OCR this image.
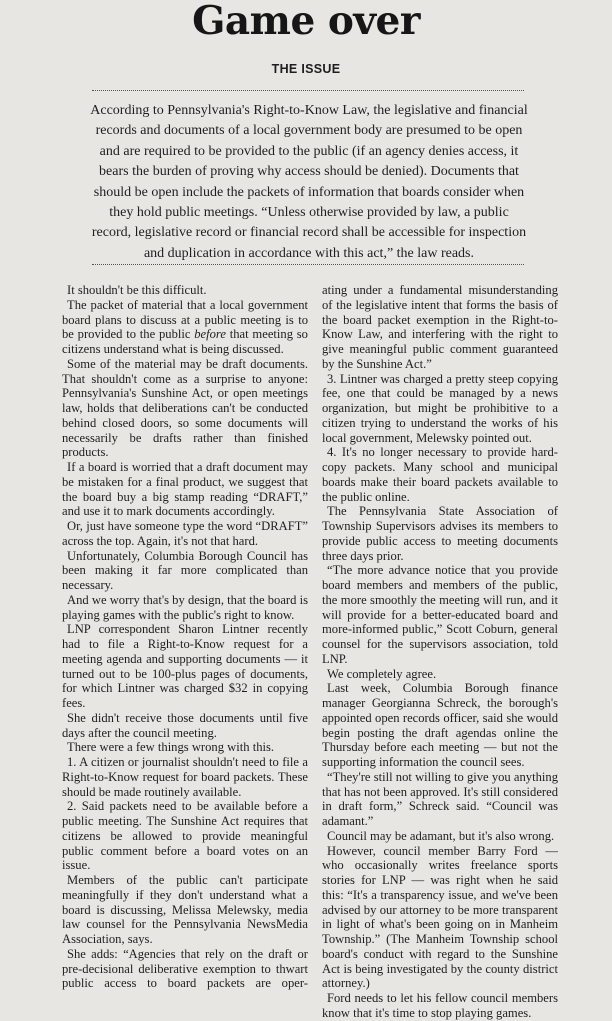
Game over
THE ISSUE
According to Pennsylvania's Right-to-Know Law, the legislative and financial records and documents of a local government body are presumed to be open and are required to be provided to the public (if an agency denies access, it bears the burden of proving why access should be denied). Documents that should be open include the packets of information that boards consider when they hold public meetings. “Unless otherwise provided by law, a public record, legislative record or financial record shall be accessible for inspection and duplication in accordance with this act,” the law reads.

It shouldn't be this difficult.

The packet of material that a local government board plans to discuss at a public meeting is to be provided to the public before that meeting so citizens understand what is being discussed.

Some of the material may be draft documents. That shouldn't come as a surprise to anyone: Pennsylvania's Sunshine Act, or open meetings law, holds that deliberations can't be conducted behind closed doors, so some documents will necessarily be drafts rather than finished products.

If a board is worried that a draft document may be mistaken for a final product, we suggest that the board buy a big stamp reading “DRAFT,” and use it to mark documents accordingly.

Or, just have someone type the word “DRAFT” across the top. Again, it's not that hard.

Unfortunately, Columbia Borough Council has been making it far more complicated than necessary.

And we worry that's by design, that the board is playing games with the public's right to know.

LNP correspondent Sharon Lintner recently had to file a Right-to-Know request for a meeting agenda and supporting documents — it turned out to be 100-plus pages of documents, for which Lintner was charged $32 in copying fees.

She didn't receive those documents until five days after the council meeting.

There were a few things wrong with this.

1. A citizen or journalist shouldn't need to file a Right-to-Know request for board packets. These should be made routinely available.

2. Said packets need to be available before a public meeting. The Sunshine Act requires that citizens be allowed to provide meaningful public comment before a board votes on an issue.

Members of the public can't participate meaningfully if they don't understand what a board is discussing, Melissa Melewsky, media law counsel for the Pennsylvania NewsMedia Association, says.

She adds: “Agencies that rely on the draft or pre-decisional deliberative exemption to thwart public access to board packets are oper-

ating under a fundamental misunderstanding of the legislative intent that forms the basis of the board packet exemption in the Right-to-Know Law, and interfering with the right to give meaningful public comment guaranteed by the Sunshine Act.”

3. Lintner was charged a pretty steep copying fee, one that could be managed by a news organization, but might be prohibitive to a citizen trying to understand the works of his local government, Melewsky pointed out.

4. It's no longer necessary to provide hard-copy packets. Many school and municipal boards make their board packets available to the public online.

The Pennsylvania State Association of Township Supervisors advises its members to provide public access to meeting documents three days prior.

“The more advance notice that you provide board members and members of the public, the more smoothly the meeting will run, and it will provide for a better-educated board and more-informed public,” Scott Coburn, general counsel for the supervisors association, told LNP.

We completely agree.

Last week, Columbia Borough finance manager Georgianna Schreck, the borough's appointed open records officer, said she would begin posting the draft agendas online the Thursday before each meeting — but not the supporting information the council sees.

“They're still not willing to give you anything that has not been approved. It's still considered in draft form,” Schreck said. “Council was adamant.”

Council may be adamant, but it's also wrong.

However, council member Barry Ford — who occasionally writes freelance sports stories for LNP — was right when he said this: “It's a transparency issue, and we've been advised by our attorney to be more transparent in light of what's been going on in Manheim Township.” (The Manheim Township school board's conduct with regard to the Sunshine Act is being investigated by the county district attorney.)

Ford needs to let his fellow council members know that it's time to stop playing games.
